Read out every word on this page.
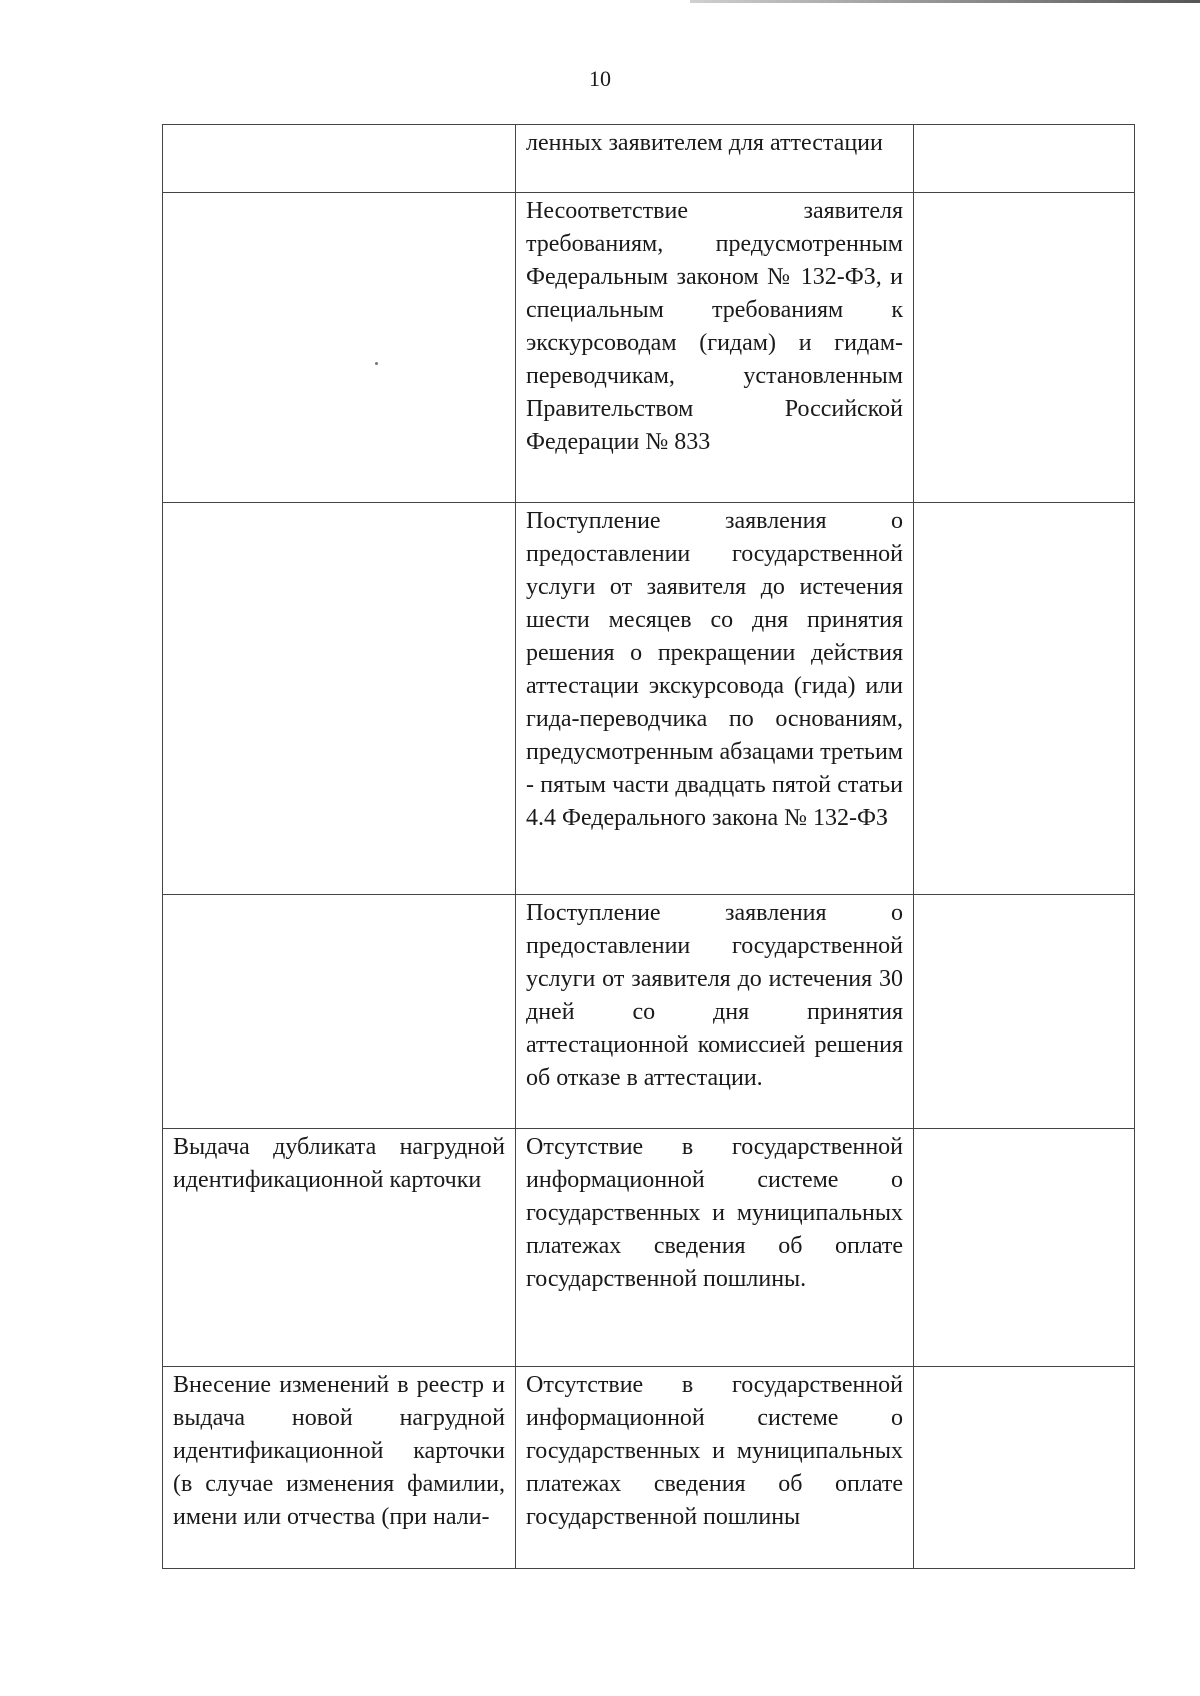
10
	ленных заявителем для аттестации	
	Несоответствие заявителя требованиям, предусмотренным Федеральным законом № 132-ФЗ, и специальным требованиям к экскурсоводам (гидам) и гидам-переводчикам, установленным Правительством Российской Федерации № 833	
	Поступление заявления о предоставлении государственной услуги от заявителя до истечения шести месяцев со дня принятия решения о прекращении действия аттестации экскурсовода (гида) или гида-переводчика по основаниям, предусмотренным абзацами третьим - пятым части двадцать пятой статьи 4.4 Федерального закона № 132-ФЗ	
	Поступление заявления о предоставлении государственной услуги от заявителя до истечения 30 дней со дня принятия аттестационной комиссией решения об отказе в аттестации.	
Выдача дубликата нагрудной идентификационной карточки	Отсутствие в государственной информационной системе о государственных и муниципальных платежах сведения об оплате государственной пошлины.	
Внесение изменений в реестр и выдача новой нагрудной идентификационной карточки (в случае изменения фамилии, имени или отчества (при нали-	Отсутствие в государственной информационной системе о государственных и муниципальных платежах сведения об оплате государственной пошлины	
